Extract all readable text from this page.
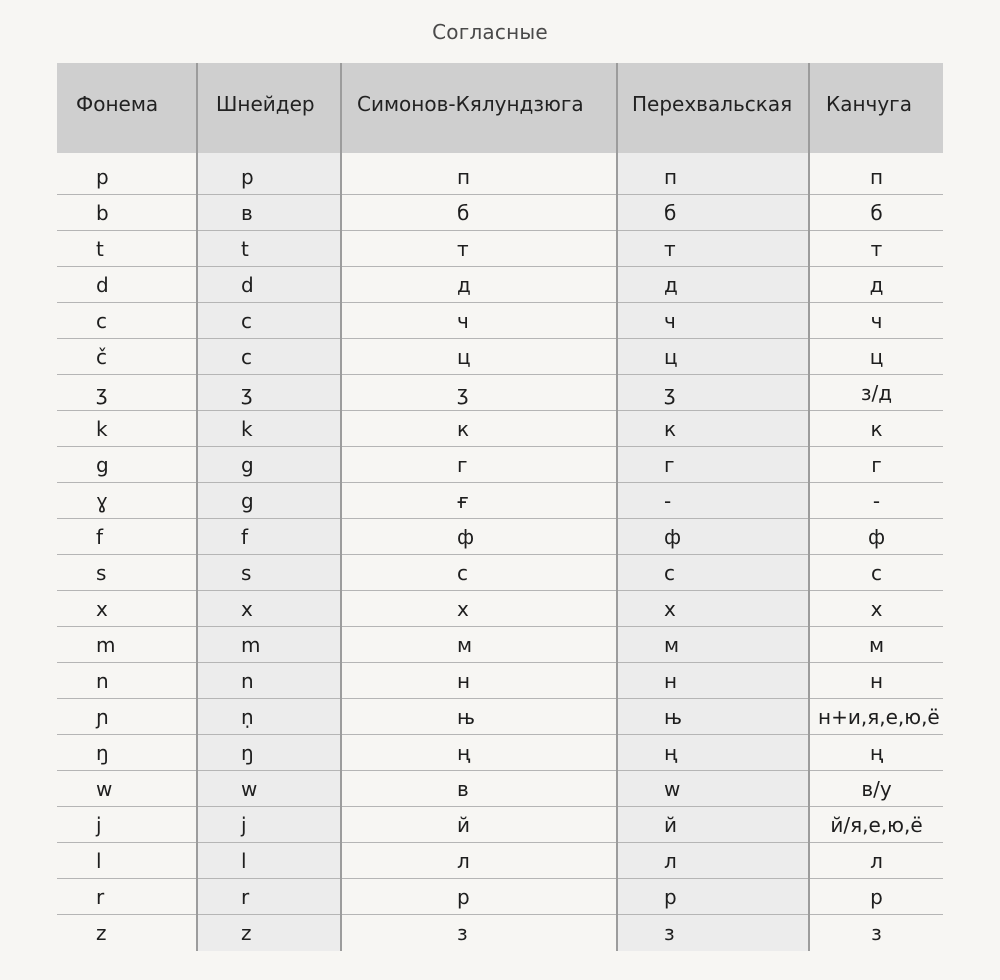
Согласные
Фонема	Шнейдер	Симонов-Кялундзюга	Перехвальская	Канчуга

p	p	п	п	п
b	в	б	б	б
t	t	т	т	т
d	d	д	д	д
c	c	ч	ч	ч
č	c	ц	ц	ц
ʒ	ʒ	ʒ	ʒ	з/д
k	k	к	к	к
g	g	г	г	г
ɣ	g	ғ	-	-
f	f	ф	ф	ф
s	s	с	с	с
x	x	х	х	х
m	m	м	м	м
n	n	н	н	н
ɲ	ṇ	њ	њ	н+и,я,е,ю,ё
ŋ	ŋ	ң	ң	ң
w	w	в	w	в/y
j	j	й	й	й/я,е,ю,ё
l	l	л	л	л
r	r	р	р	р
z	z	з	з	з
